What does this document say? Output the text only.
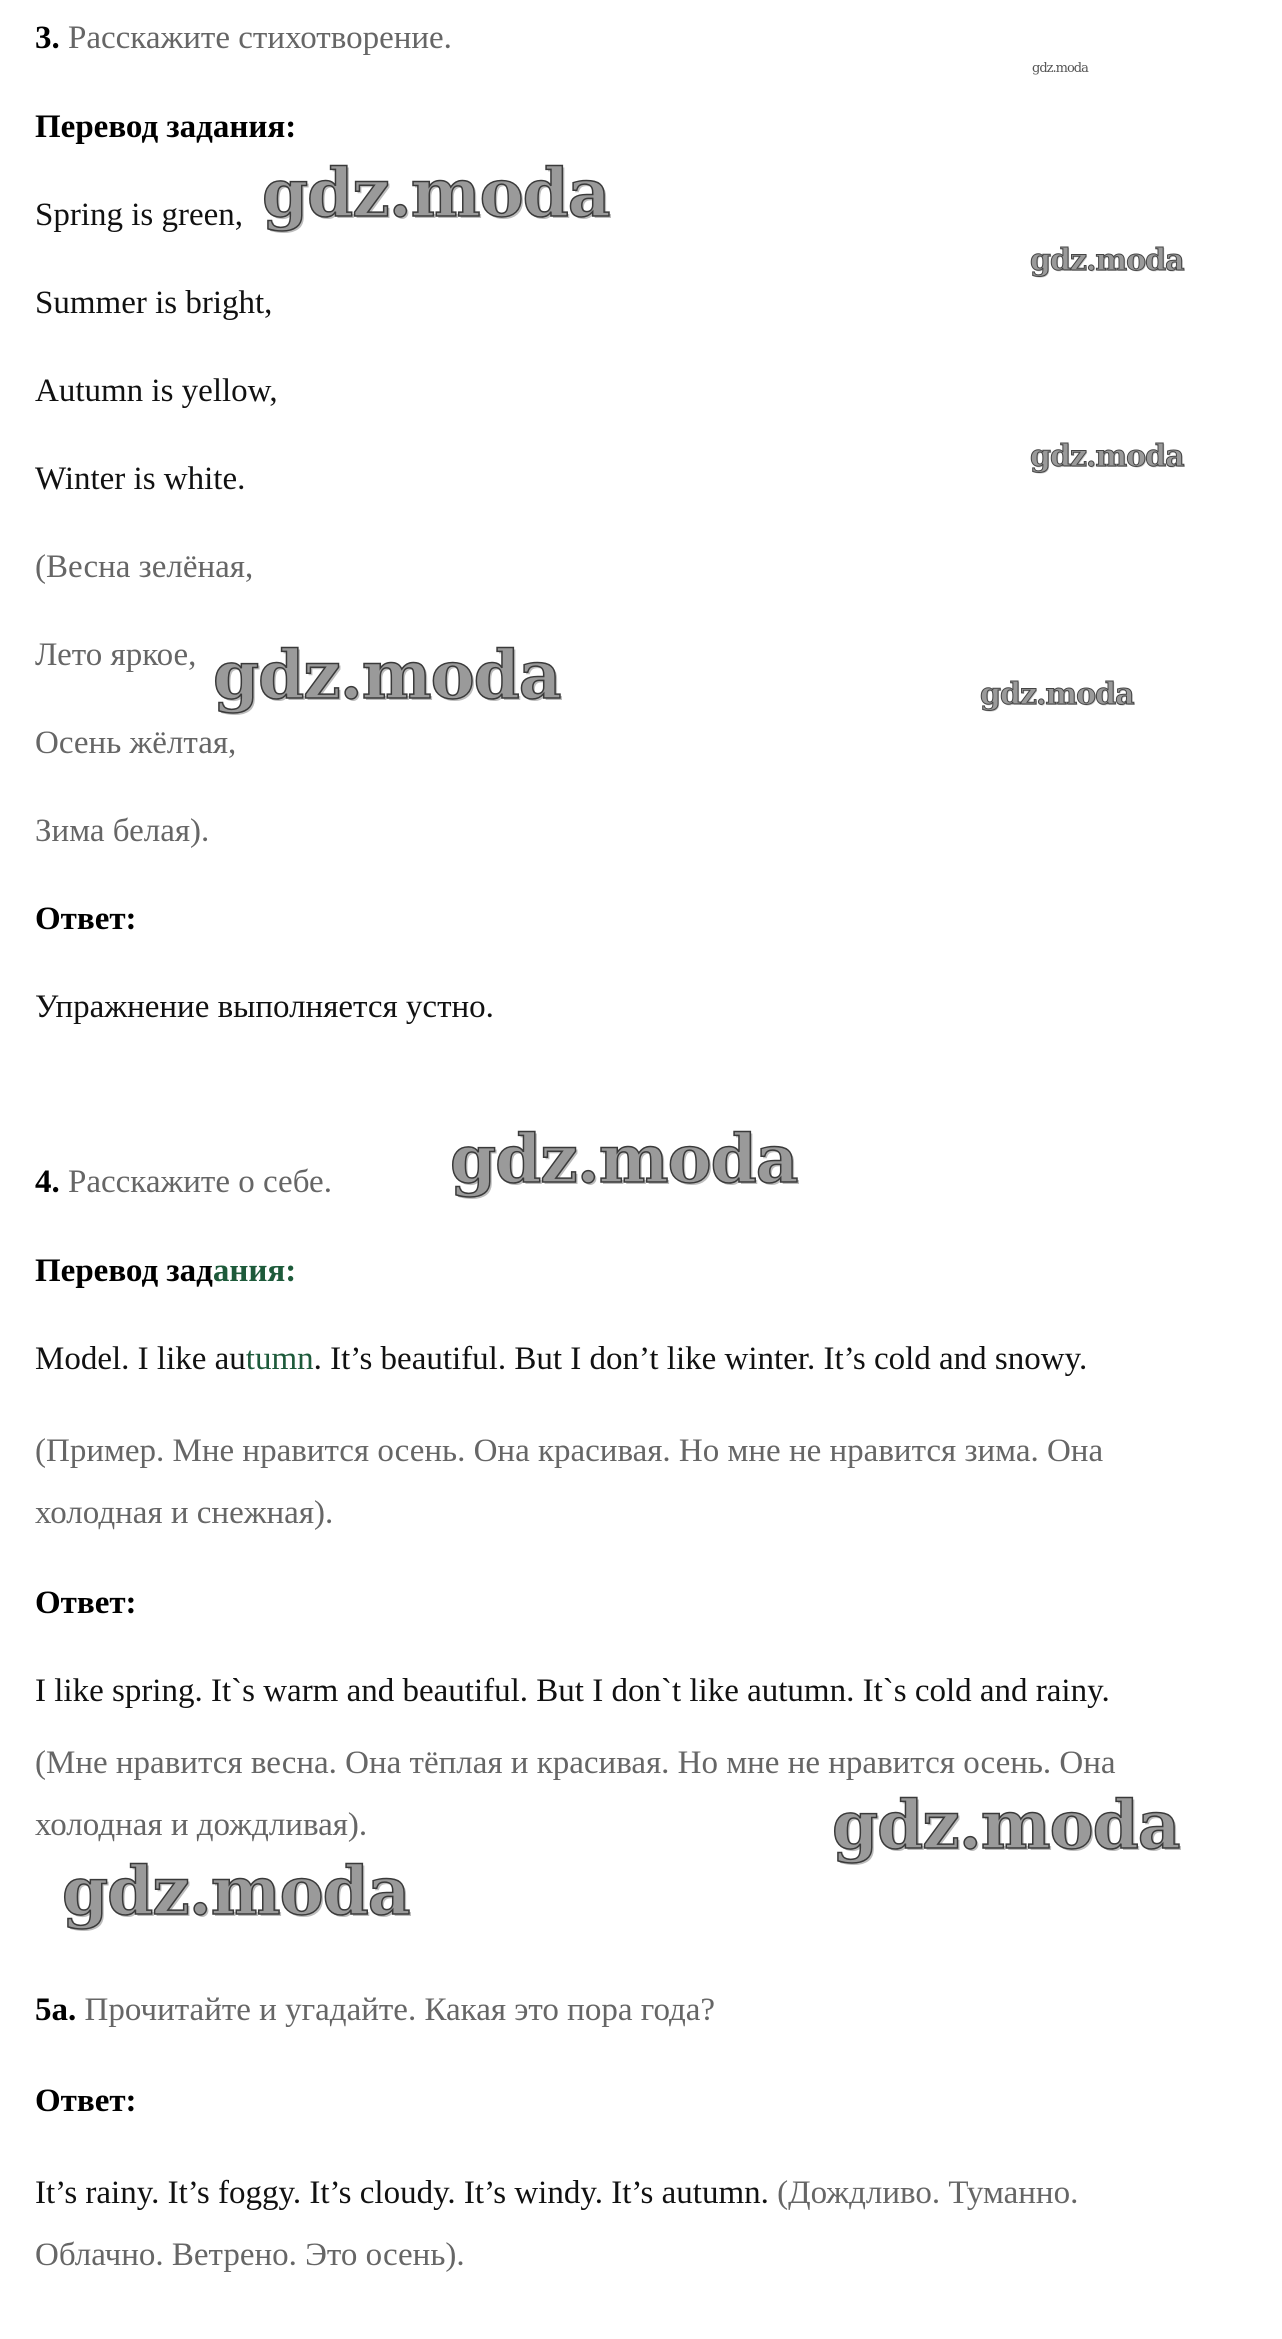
3. Расскажите стихотворение.
Перевод задания:
Spring is green,
Summer is bright,
Autumn is yellow,
Winter is white.
(Весна зелёная,
Лето яркое,
Осень жёлтая,
Зима белая).
Ответ:
Упражнение выполняется устно.
4. Расскажите о себе.
Перевод задания:
Model. I like autumn. It’s beautiful. But I don’t like winter. It’s cold and snowy.
(Пример. Мне нравится осень. Она красивая. Но мне не нравится зима. Она
холодная и снежная).
Ответ:
I like spring. It`s warm and beautiful. But I don`t like autumn. It`s cold and rainy.
(Мне нравится весна. Она тёплая и красивая. Но мне не нравится осень. Она
холодная и дождливая).
5a. Прочитайте и угадайте. Какая это пора года?
Ответ:
It’s rainy. It’s foggy. It’s cloudy. It’s windy. It’s autumn. (Дождливо. Туманно.
Облачно. Ветрено. Это осень).
gdz.moda
gdz.moda
gdz.moda
gdz.moda
gdz.moda	gdz.moda
gdz.moda
gdz.moda
gdz.moda
